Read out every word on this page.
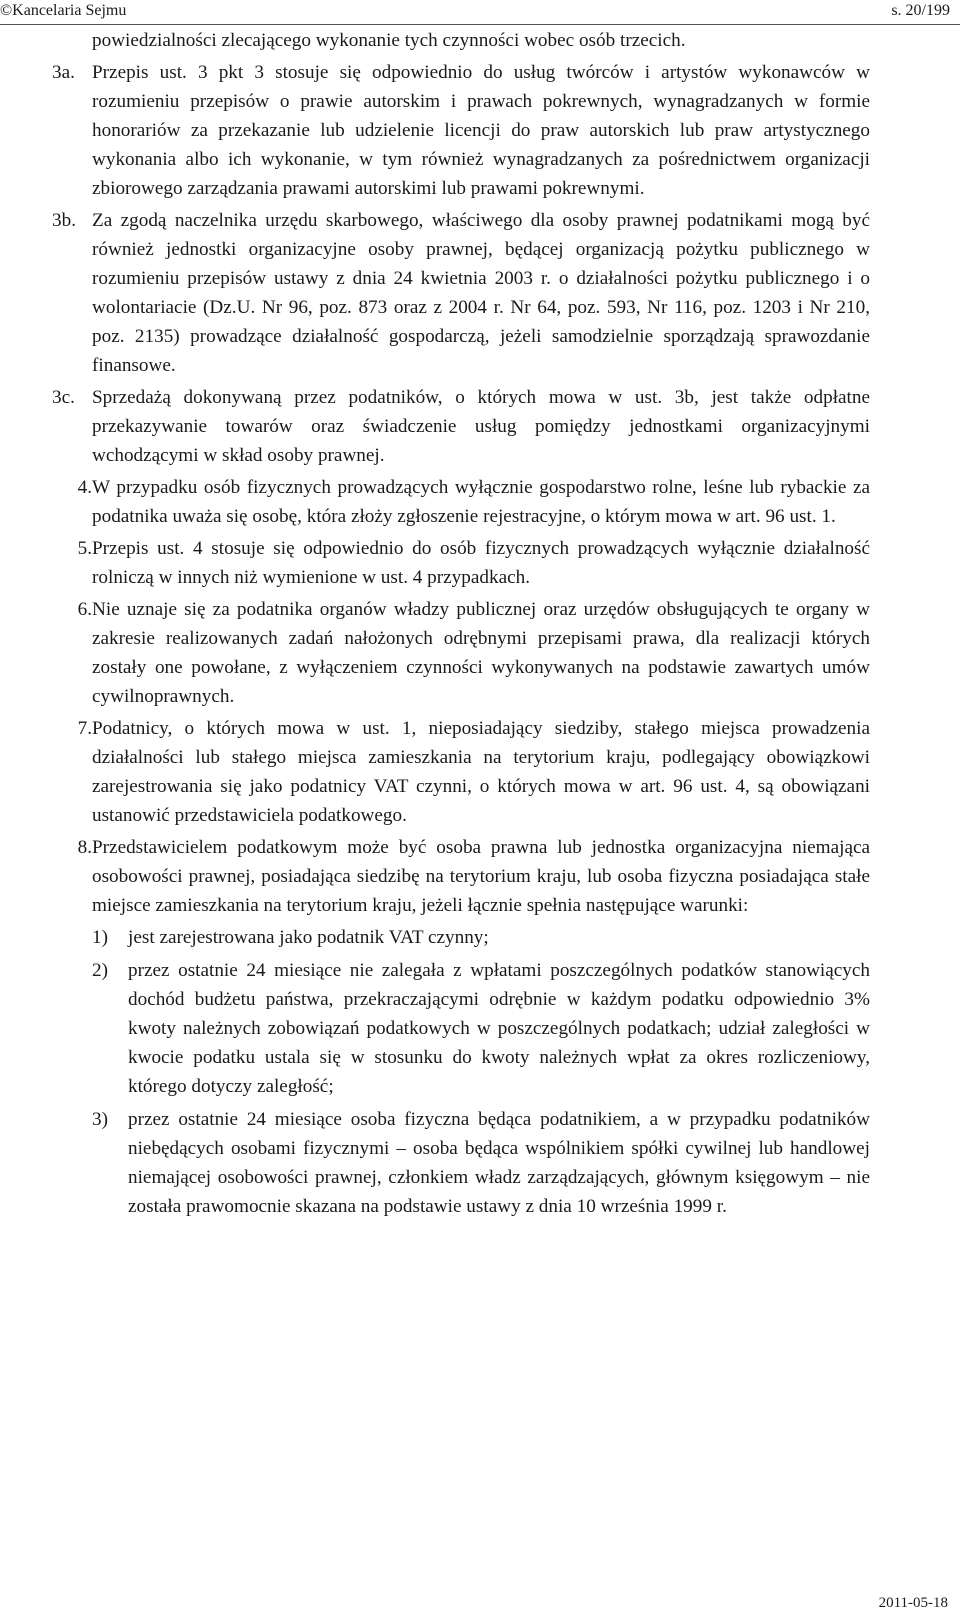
©Kancelaria Sejmu	s. 20/199

powiedzialności zlecającego wykonanie tych czynności wobec osób trzecich.

3a. Przepis ust. 3 pkt 3 stosuje się odpowiednio do usług twórców i artystów wykonawców w rozumieniu przepisów o prawie autorskim i prawach pokrewnych, wynagradzanych w formie honorariów za przekazanie lub udzielenie licencji do praw autorskich lub praw artystycznego wykonania albo ich wykonanie, w tym również wynagradzanych za pośrednictwem organizacji zbiorowego zarządzania prawami autorskimi lub prawami pokrewnymi.

3b. Za zgodą naczelnika urzędu skarbowego, właściwego dla osoby prawnej podatnikami mogą być również jednostki organizacyjne osoby prawnej, będącej organizacją pożytku publicznego w rozumieniu przepisów ustawy z dnia 24 kwietnia 2003 r. o działalności pożytku publicznego i o wolontariacie (Dz.U. Nr 96, poz. 873 oraz z 2004 r. Nr 64, poz. 593, Nr 116, poz. 1203 i Nr 210, poz. 2135) prowadzące działalność gospodarczą, jeżeli samodzielnie sporządzają sprawozdanie finansowe.

3c. Sprzedażą dokonywaną przez podatników, o których mowa w ust. 3b, jest także odpłatne przekazywanie towarów oraz świadczenie usług pomiędzy jednostkami organizacyjnymi wchodzącymi w skład osoby prawnej.

4.W przypadku osób fizycznych prowadzących wyłącznie gospodarstwo rolne, leśne lub rybackie za podatnika uważa się osobę, która złoży zgłoszenie rejestracyjne, o którym mowa w art. 96 ust. 1.

5.Przepis ust. 4 stosuje się odpowiednio do osób fizycznych prowadzących wyłącznie działalność rolniczą w innych niż wymienione w ust. 4 przypadkach.

6.Nie uznaje się za podatnika organów władzy publicznej oraz urzędów obsługujących te organy w zakresie realizowanych zadań nałożonych odrębnymi przepisami prawa, dla realizacji których zostały one powołane, z wyłączeniem czynności wykonywanych na podstawie zawartych umów cywilnoprawnych.

7.Podatnicy, o których mowa w ust. 1, nieposiadający siedziby, stałego miejsca prowadzenia działalności lub stałego miejsca zamieszkania na terytorium kraju, podlegający obowiązkowi zarejestrowania się jako podatnicy VAT czynni, o których mowa w art. 96 ust. 4, są obowiązani ustanowić przedstawiciela podatkowego.

8.Przedstawicielem podatkowym może być osoba prawna lub jednostka organizacyjna niemająca osobowości prawnej, posiadająca siedzibę na terytorium kraju, lub osoba fizyczna posiadająca stałe miejsce zamieszkania na terytorium kraju, jeżeli łącznie spełnia następujące warunki:

1) jest zarejestrowana jako podatnik VAT czynny;

2) przez ostatnie 24 miesiące nie zalegała z wpłatami poszczególnych podatków stanowiących dochód budżetu państwa, przekraczającymi odrębnie w każdym podatku odpowiednio 3% kwoty należnych zobowiązań podatkowych w poszczególnych podatkach; udział zaległości w kwocie podatku ustala się w stosunku do kwoty należnych wpłat za okres rozliczeniowy, którego dotyczy zaległość;

3) przez ostatnie 24 miesiące osoba fizyczna będąca podatnikiem, a w przypadku podatników niebędących osobami fizycznymi – osoba będąca wspólnikiem spółki cywilnej lub handlowej niemającej osobowości prawnej, członkiem władz zarządzających, głównym księgowym – nie została prawomocnie skazana na podstawie ustawy z dnia 10 września 1999 r.

2011-05-18
